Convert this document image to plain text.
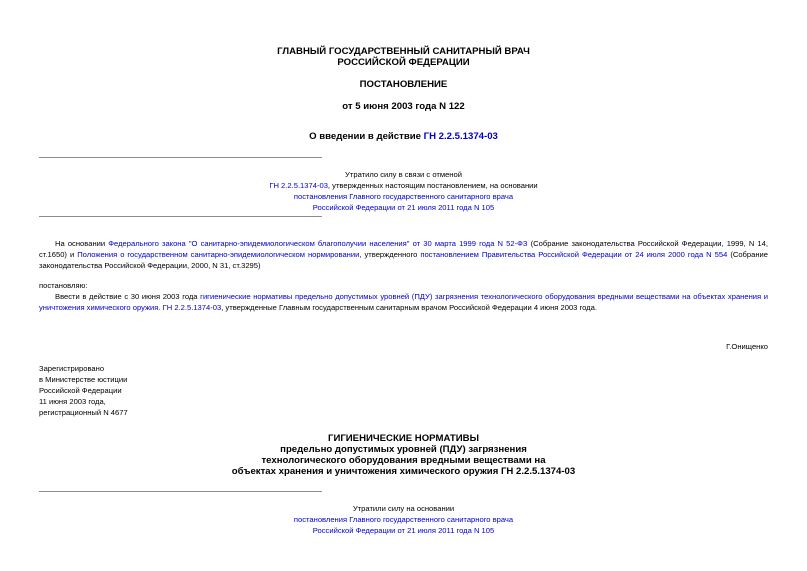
ГЛАВНЫЙ ГОСУДАРСТВЕННЫЙ САНИТАРНЫЙ ВРАЧ
РОССИЙСКОЙ ФЕДЕРАЦИИ
ПОСТАНОВЛЕНИЕ
от 5 июня 2003 года N 122
О введении в действие ГН 2.2.5.1374-03
Утратило силу в связи с отменой
ГН 2.2.5.1374-03, утвержденных настоящим постановлением, на основании
постановления Главного государственного санитарного врача
Российской Федерации от 21 июля 2011 года N 105
На основании Федерального закона "О санитарно-эпидемиологическом благополучии населения" от 30 марта 1999 года N 52-ФЗ (Собрание законодательства Российской Федерации, 1999, N 14, ст.1650) и Положения о государственном санитарно-эпидемиологическом нормировании, утвержденного постановлением Правительства Российской Федерации от 24 июля 2000 года N 554 (Собрание законодательства Российской Федерации, 2000, N 31, ст.3295)
постановляю:
Ввести в действие с 30 июня 2003 года гигиенические нормативы предельно допустимых уровней (ПДУ) загрязнения технологического оборудования вредными веществами на объектах хранения и уничтожения химического оружия. ГН 2.2.5.1374-03, утвержденные Главным государственным санитарным врачом Российской Федерации 4 июня 2003 года.
Г.Онищенко
Зарегистрировано
в Министерстве юстиции
Российской Федерации
11 июня 2003 года,
регистрационный N 4677
ГИГИЕНИЧЕСКИЕ НОРМАТИВЫ
предельно допустимых уровней (ПДУ) загрязнения
технологического оборудования вредными веществами на
объектах хранения и уничтожения химического оружия ГН 2.2.5.1374-03
Утратили силу на основании
постановления Главного государственного санитарного врача
Российской Федерации от 21 июля 2011 года N 105
